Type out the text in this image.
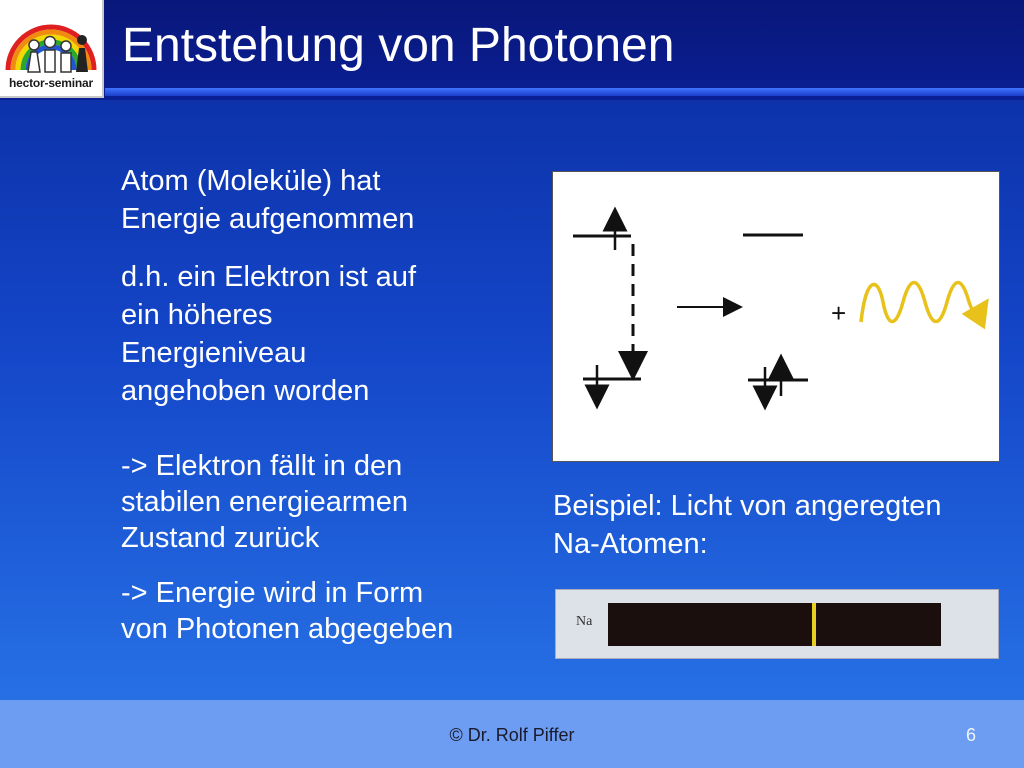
hector-seminar
Entstehung von Photonen
Atom (Moleküle) hat
Energie aufgenommen
d.h. ein Elektron ist auf
ein höheres
Energieniveau
angehoben worden
-> Elektron fällt in den
stabilen energiearmen
Zustand zurück
-> Energie wird in Form
von Photonen abgegeben
+
Beispiel: Licht von angeregten
Na-Atomen:
Na
© Dr. Rolf Piffer	6
